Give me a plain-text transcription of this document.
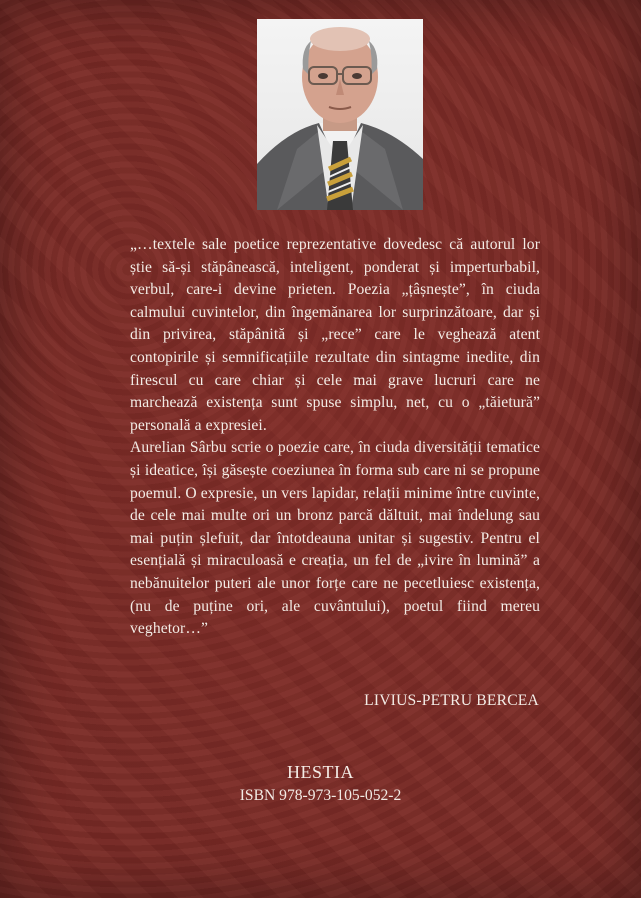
„…textele sale poetice reprezentative dovedesc că autorul lor știe să-și stăpânească, inteligent, ponderat și imperturbabil, verbul, care-i devine prieten. Poezia „țâșnește”, în ciuda calmului cuvintelor, din îngemănarea lor surprinzătoare, dar și din privirea, stăpânită și „rece” care le veghează atent contopirile și semnificațiile rezultate din sintagme inedite, din firescul cu care chiar și cele mai grave lucruri care ne marchează existența sunt spuse simplu, net, cu o „tăietură” personală a expresiei.

Aurelian Sârbu scrie o poezie care, în ciuda diversității tematice și ideatice, își găsește coeziunea în forma sub care ni se propune poemul. O expresie, un vers lapidar, relații minime între cuvinte, de cele mai multe ori un bronz parcă dăltuit, mai îndelung sau mai puțin șlefuit, dar întotdeauna unitar și sugestiv. Pentru el esențială și miraculoasă e creația, un fel de „ivire în lumină” a nebănuitelor puteri ale unor forțe care ne pecetluiesc existența, (nu de puține ori, ale cuvântului), poetul fiind mereu veghetor…”

LIVIUS-PETRU BERCEA
HESTIA
ISBN 978-973-105-052-2
